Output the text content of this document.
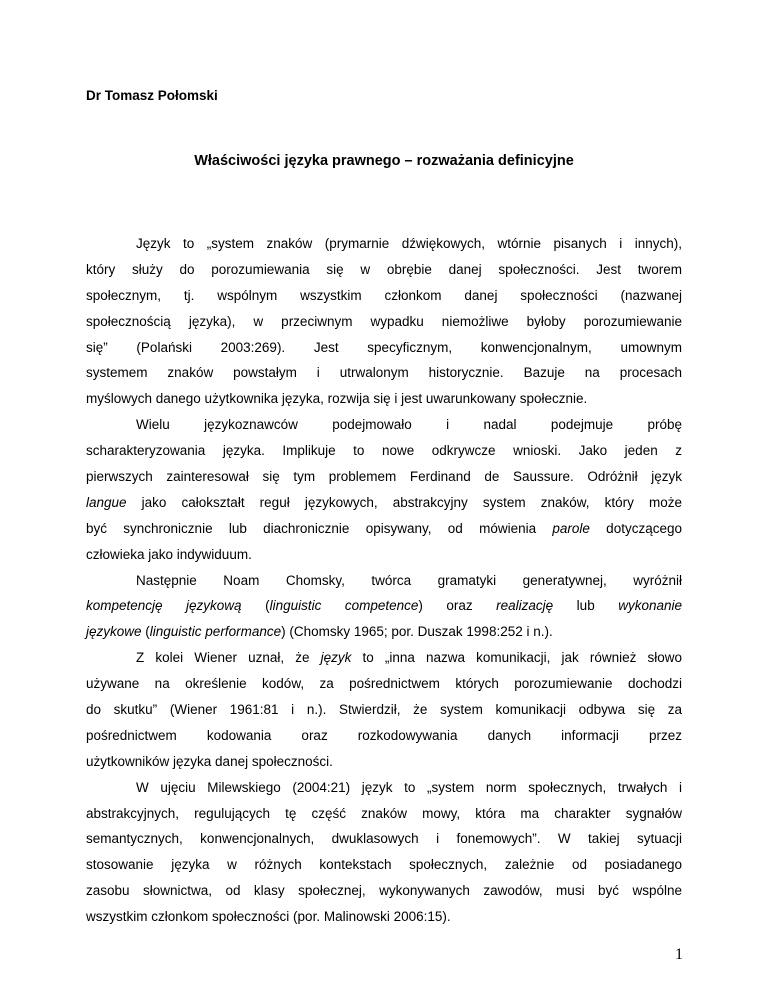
Dr Tomasz Połomski
Właściwości języka prawnego – rozważania definicyjne
Język to „system znaków (prymarnie dźwiękowych, wtórnie pisanych i innych),
który służy do porozumiewania się w obrębie danej społeczności. Jest tworem
społecznym, tj. wspólnym wszystkim członkom danej społeczności (nazwanej
społecznością języka), w przeciwnym wypadku niemożliwe byłoby porozumiewanie
się” (Polański 2003:269). Jest specyficznym, konwencjonalnym, umownym
systemem znaków powstałym i utrwalonym historycznie. Bazuje na procesach
myślowych danego użytkownika języka, rozwija się i jest uwarunkowany społecznie.
Wielu językoznawców podejmowało i nadal podejmuje próbę
scharakteryzowania języka. Implikuje to nowe odkrywcze wnioski. Jako jeden z
pierwszych zainteresował się tym problemem Ferdinand de Saussure. Odróżnił język
langue jako całokształt reguł językowych, abstrakcyjny system znaków, który może
być synchronicznie lub diachronicznie opisywany, od mówienia parole dotyczącego
człowieka jako indywiduum.
Następnie Noam Chomsky, twórca gramatyki generatywnej, wyróżnił
kompetencję językową (linguistic competence) oraz realizację lub wykonanie
językowe (linguistic performance) (Chomsky 1965; por. Duszak 1998:252 i n.).
Z kolei Wiener uznał, że język to „inna nazwa komunikacji, jak również słowo
używane na określenie kodów, za pośrednictwem których porozumiewanie dochodzi
do skutku” (Wiener 1961:81 i n.). Stwierdził, że system komunikacji odbywa się za
pośrednictwem kodowania oraz rozkodowywania danych informacji przez
użytkowników języka danej społeczności.
W ujęciu Milewskiego (2004:21) język to „system norm społecznych, trwałych i
abstrakcyjnych, regulujących tę część znaków mowy, która ma charakter sygnałów
semantycznych, konwencjonalnych, dwuklasowych i fonemowych”. W takiej sytuacji
stosowanie języka w różnych kontekstach społecznych, zależnie od posiadanego
zasobu słownictwa, od klasy społecznej, wykonywanych zawodów, musi być wspólne
wszystkim członkom społeczności (por. Malinowski 2006:15).
1
